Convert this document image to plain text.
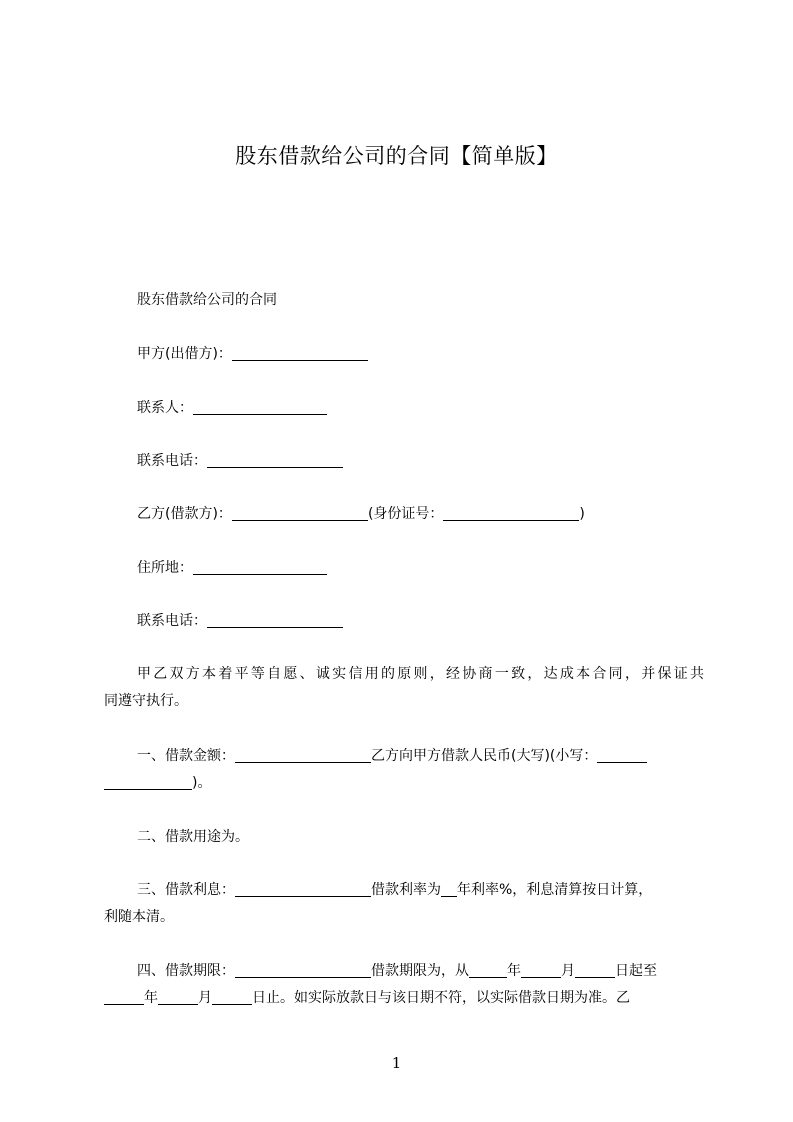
股东借款给公司的合同【简单版】
股东借款给公司的合同
甲方(出借方)：
联系人：
联系电话：
乙方(借款方)：	(身份证号：	)
住所地：
联系电话：
甲乙双方本着平等自愿、诚实信用的原则，经协商一致，达成本合同，并保证共
同遵守执行。
一、借款金额：	乙方向甲方借款人民币(大写)(小写：
)。
二、借款用途为。
三、借款利息：	借款利率为 年利率%，利息清算按日计算，
利随本清。
四、借款期限：	借款期限为，从	年	月	日起至
年	月	日止。如实际放款日与该日期不符，以实际借款日期为准。乙
1
